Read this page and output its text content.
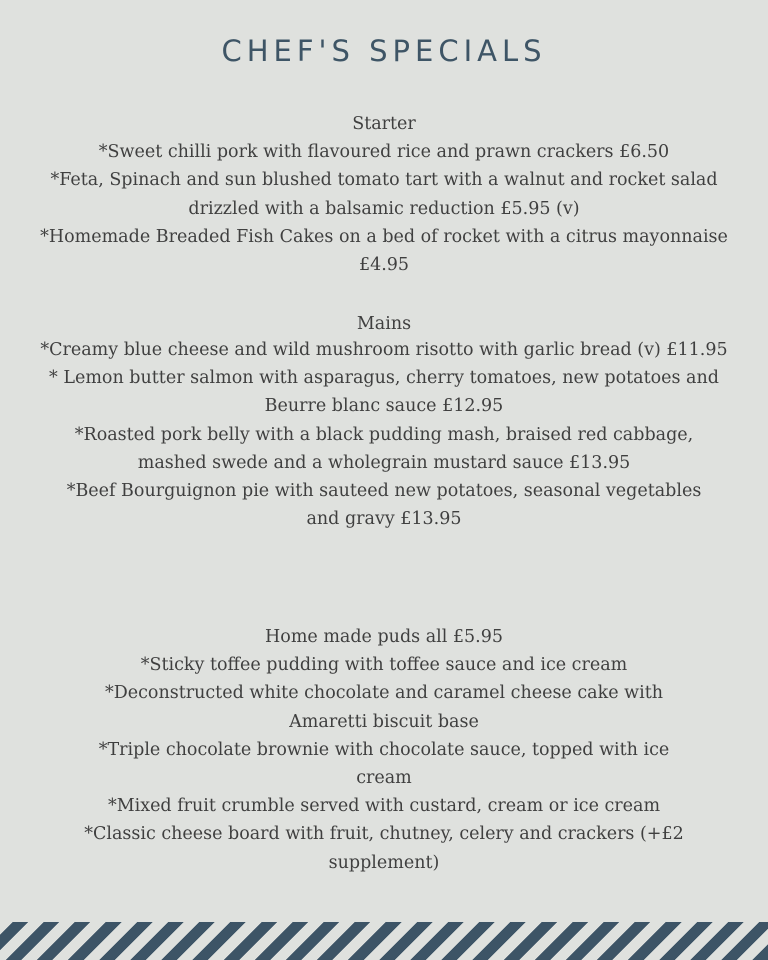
CHEF'S SPECIALS
Starter
*Sweet chilli pork with flavoured rice and prawn crackers £6.50
*Feta, Spinach and sun blushed tomato tart with a walnut and rocket salad drizzled with a balsamic reduction £5.95 (v)
*Homemade Breaded Fish Cakes on a bed of rocket with a citrus mayonnaise £4.95
Mains
*Creamy blue cheese and wild mushroom risotto with garlic bread (v) £11.95
* Lemon butter salmon with asparagus, cherry tomatoes, new potatoes and Beurre blanc sauce £12.95
*Roasted pork belly with a black pudding mash, braised red cabbage, mashed swede and a wholegrain mustard sauce £13.95
*Beef Bourguignon pie with sauteed new potatoes, seasonal vegetables and gravy £13.95
Home made puds all £5.95
*Sticky toffee pudding with toffee sauce and ice cream
*Deconstructed white chocolate and caramel cheese cake with Amaretti biscuit base
*Triple chocolate brownie with chocolate sauce, topped with ice cream
*Mixed fruit crumble served with custard, cream or ice cream
*Classic cheese board with fruit, chutney, celery and crackers (+£2 supplement)
